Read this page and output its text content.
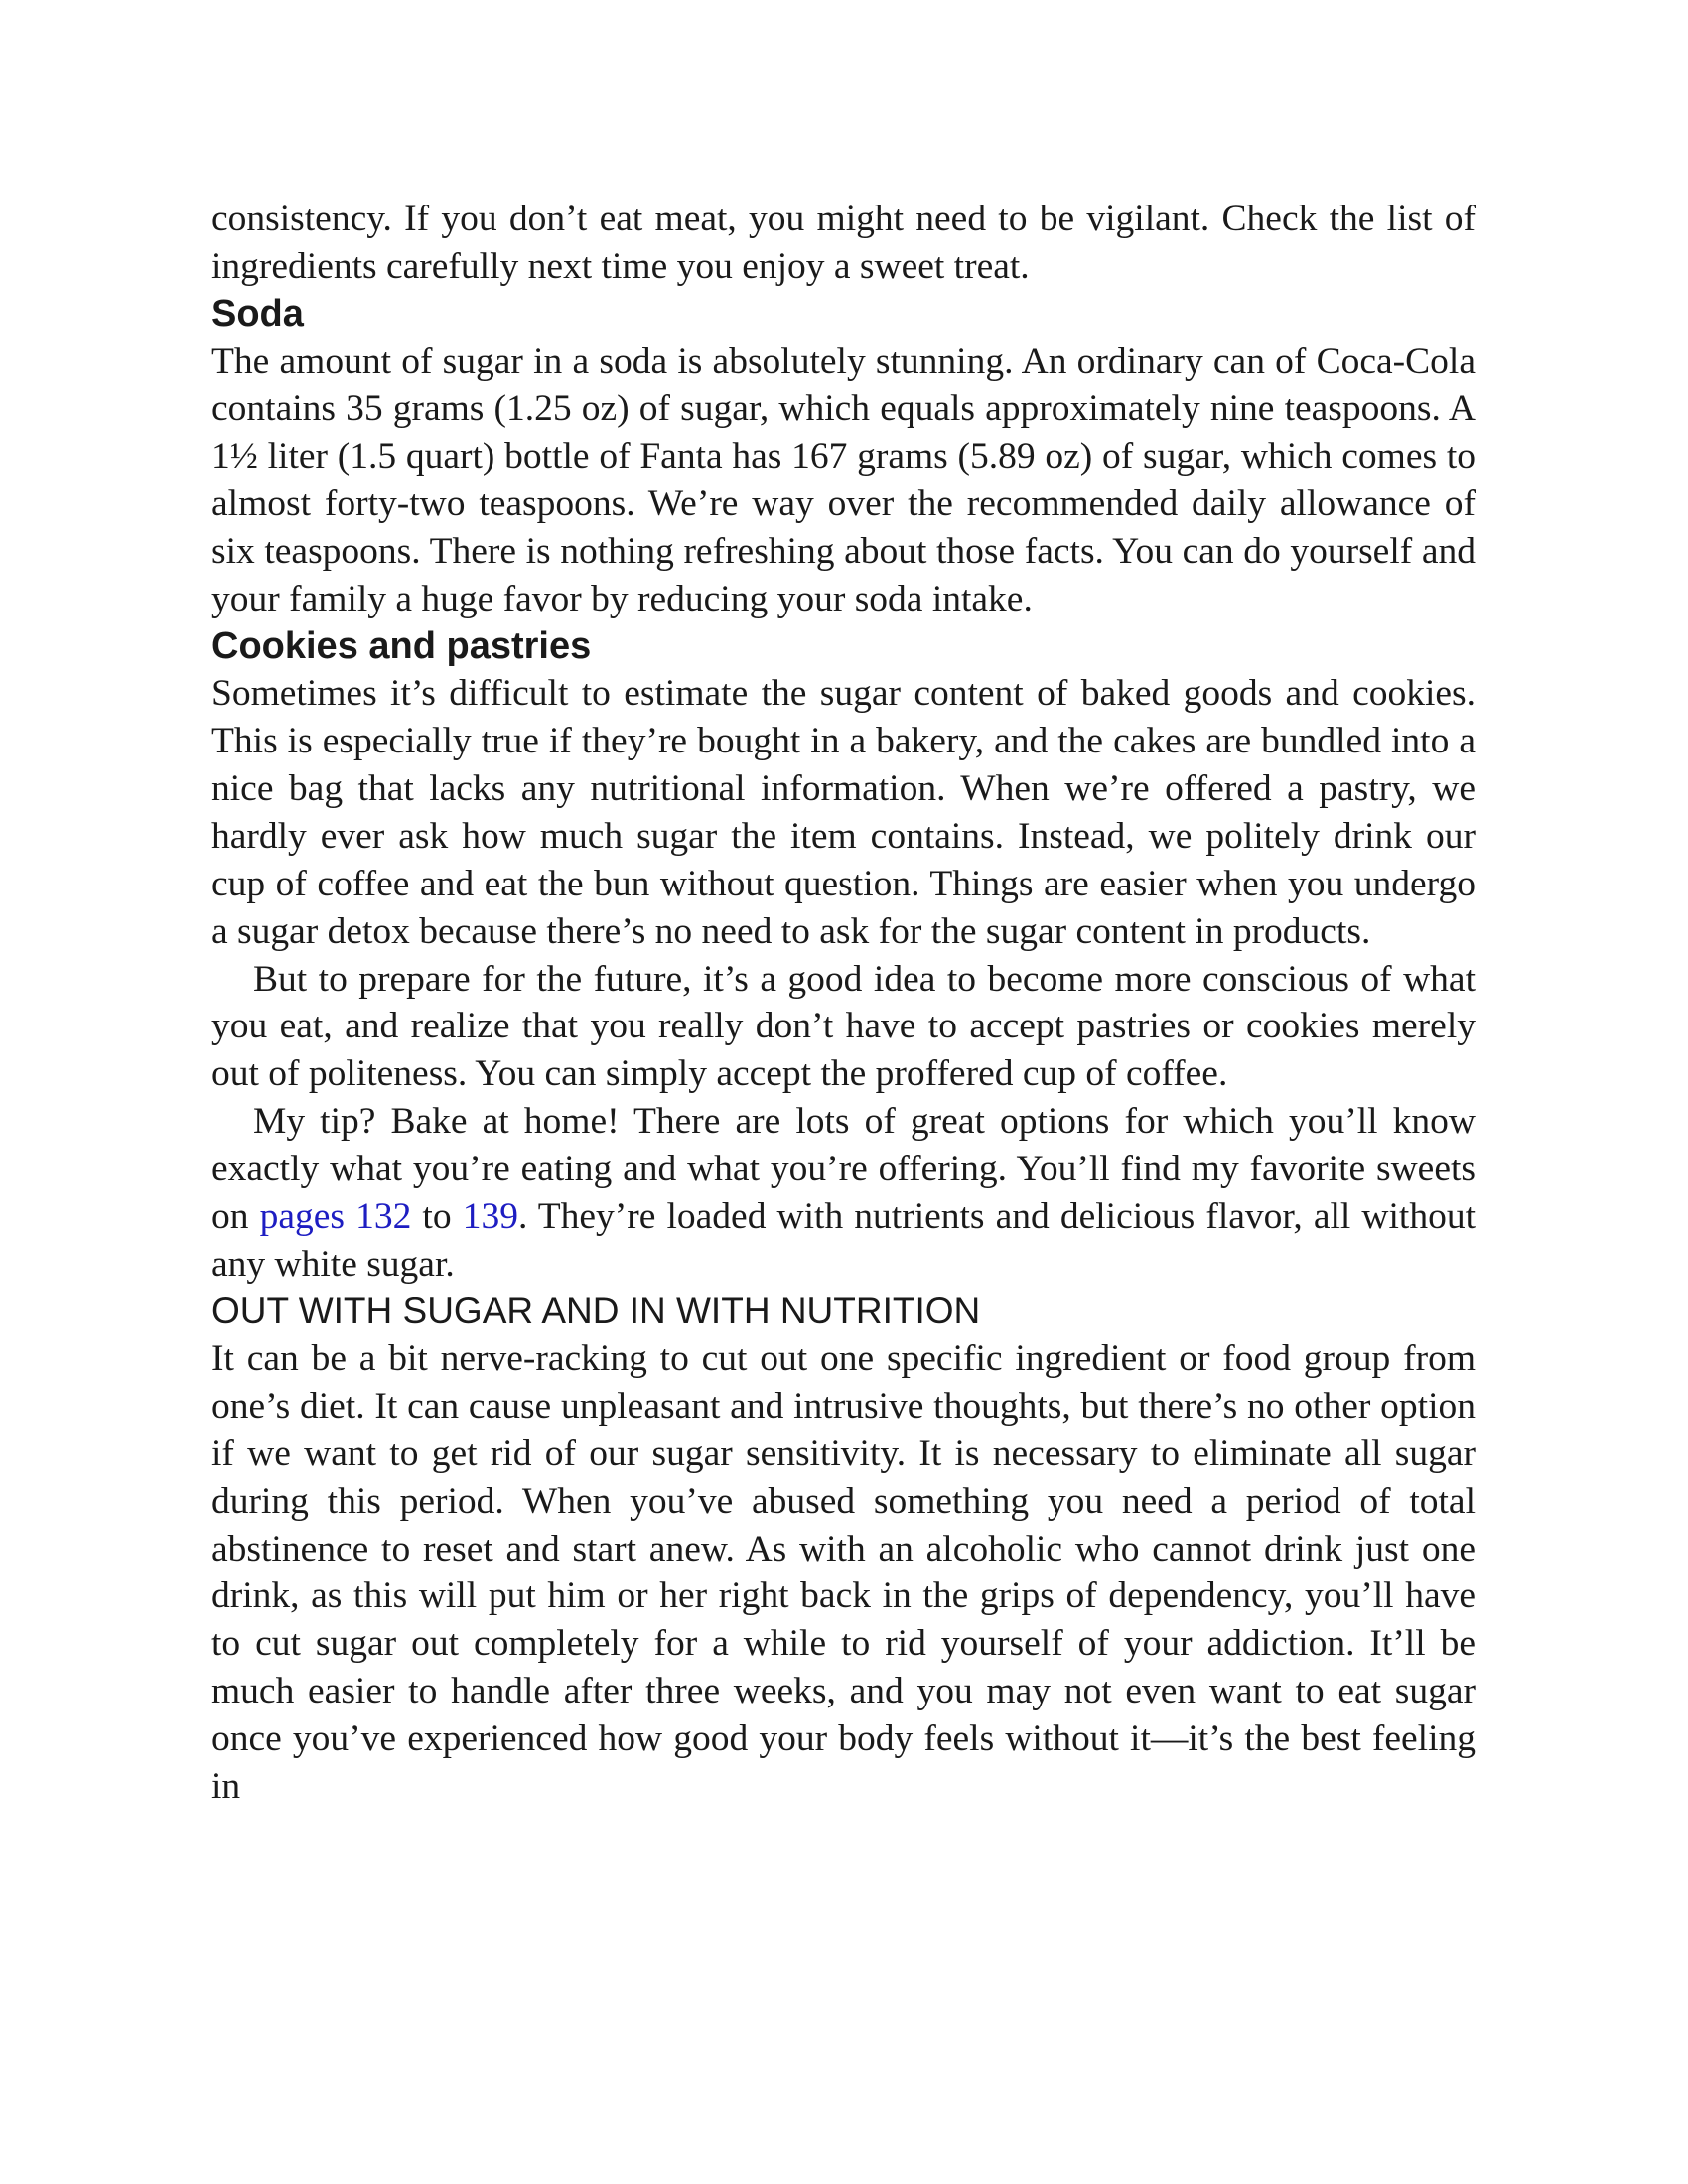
consistency. If you don’t eat meat, you might need to be vigilant. Check the list of ingredients carefully next time you enjoy a sweet treat.

Soda

The amount of sugar in a soda is absolutely stunning. An ordinary can of Coca-Cola contains 35 grams (1.25 oz) of sugar, which equals approximately nine teaspoons. A 1½ liter (1.5 quart) bottle of Fanta has 167 grams (5.89 oz) of sugar, which comes to almost forty-two teaspoons. We’re way over the recommended daily allowance of six teaspoons. There is nothing refreshing about those facts. You can do yourself and your family a huge favor by reducing your soda intake.

Cookies and pastries

Sometimes it’s difficult to estimate the sugar content of baked goods and cookies. This is especially true if they’re bought in a bakery, and the cakes are bundled into a nice bag that lacks any nutritional information. When we’re offered a pastry, we hardly ever ask how much sugar the item contains. Instead, we politely drink our cup of coffee and eat the bun without question. Things are easier when you undergo a sugar detox because there’s no need to ask for the sugar content in products.

But to prepare for the future, it’s a good idea to become more conscious of what you eat, and realize that you really don’t have to accept pastries or cookies merely out of politeness. You can simply accept the proffered cup of coffee.

My tip? Bake at home! There are lots of great options for which you’ll know exactly what you’re eating and what you’re offering. You’ll find my favorite sweets on pages 132 to 139. They’re loaded with nutrients and delicious flavor, all without any white sugar.

OUT WITH SUGAR AND IN WITH NUTRITION

It can be a bit nerve-racking to cut out one specific ingredient or food group from one’s diet. It can cause unpleasant and intrusive thoughts, but there’s no other option if we want to get rid of our sugar sensitivity. It is necessary to eliminate all sugar during this period. When you’ve abused something you need a period of total abstinence to reset and start anew. As with an alcoholic who cannot drink just one drink, as this will put him or her right back in the grips of dependency, you’ll have to cut sugar out completely for a while to rid yourself of your addiction. It’ll be much easier to handle after three weeks, and you may not even want to eat sugar once you’ve experienced how good your body feels without it—it’s the best feeling in
